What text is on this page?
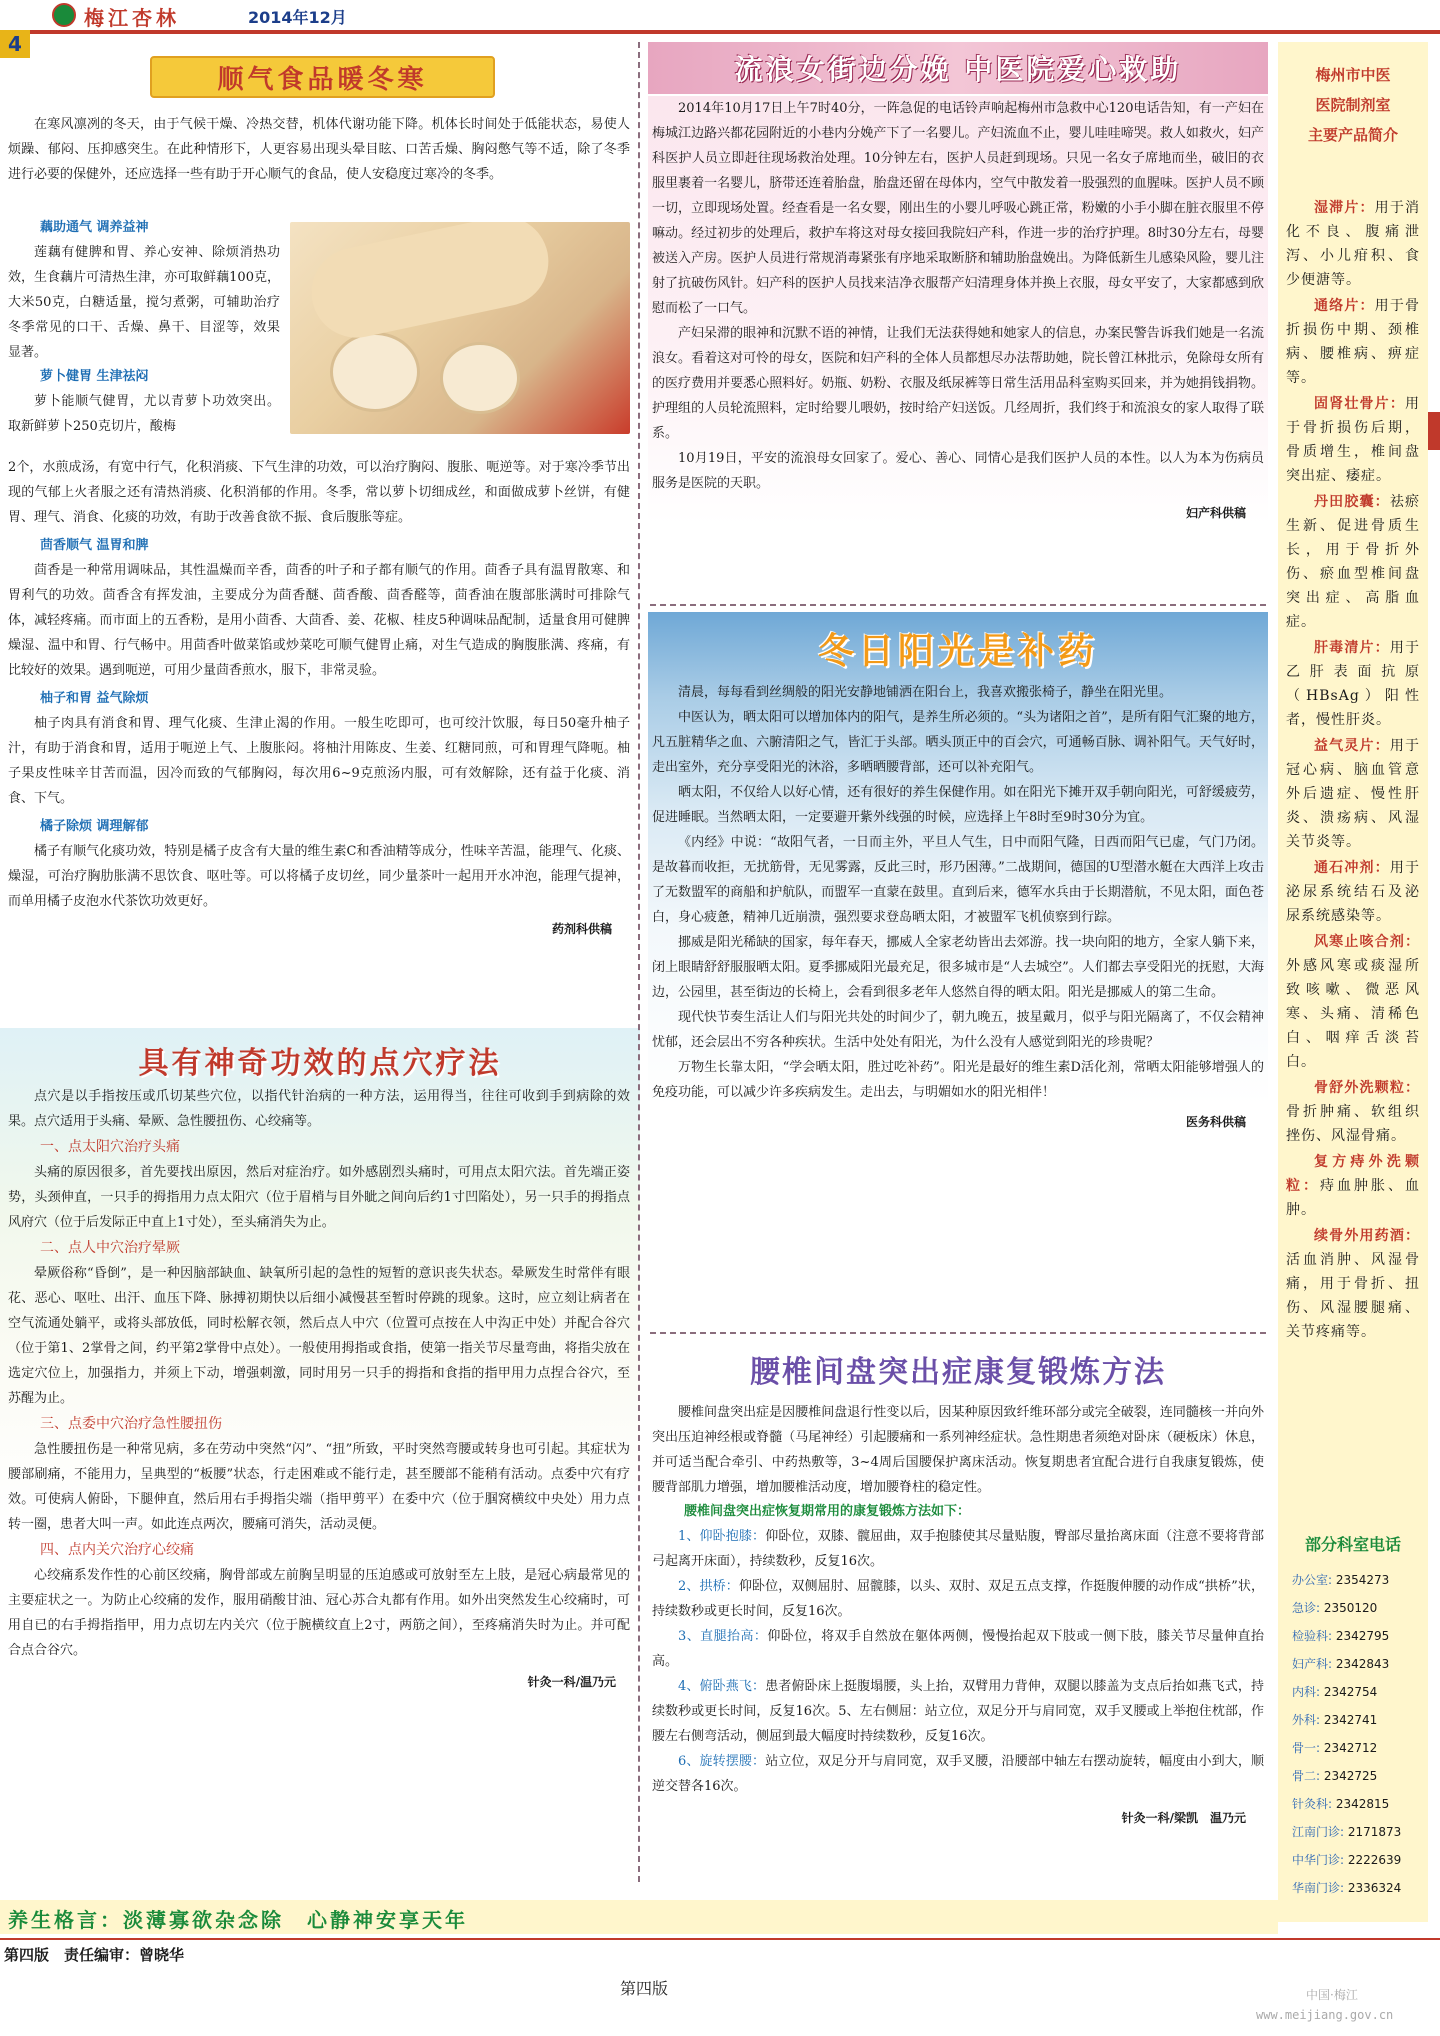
梅江杏林	2014年12月
4
顺气食品暖冬寒

在寒风凛冽的冬天，由于气候干燥、冷热交替，机体代谢功能下降。机体长时间处于低能状态，易使人烦躁、郁闷、压抑感突生。在此种情形下，人更容易出现头晕目眩、口苦舌燥、胸闷憋气等不适，除了冬季进行必要的保健外，还应选择一些有助于开心顺气的食品，使人安稳度过寒冷的冬季。

藕助通气 调养益神

莲藕有健脾和胃、养心安神、除烦消热功效，生食藕片可清热生津，亦可取鲜藕100克，大米50克，白糖适量，搅匀煮粥，可辅助治疗冬季常见的口干、舌燥、鼻干、目涩等，效果显著。

萝卜健胃 生津祛闷

萝卜能顺气健胃，尤以青萝卜功效突出。取新鲜萝卜250克切片，酸梅

2个，水煎成汤，有宽中行气，化积消痰、下气生津的功效，可以治疗胸闷、腹胀、呃逆等。对于寒冷季节出现的气郁上火者服之还有清热消痰、化积消郁的作用。冬季，常以萝卜切细成丝，和面做成萝卜丝饼，有健胃、理气、消食、化痰的功效，有助于改善食欲不振、食后腹胀等症。

茴香顺气 温胃和脾

茴香是一种常用调味品，其性温燥而辛香，茴香的叶子和子都有顺气的作用。茴香子具有温胃散寒、和胃利气的功效。茴香含有挥发油，主要成分为茴香醚、茴香酸、茴香醛等，茴香油在腹部胀满时可排除气体，减轻疼痛。而市面上的五香粉，是用小茴香、大茴香、姜、花椒、桂皮5种调味品配制，适量食用可健脾燥湿、温中和胃、行气畅中。用茴香叶做菜馅或炒菜吃可顺气健胃止痛，对生气造成的胸腹胀满、疼痛，有比较好的效果。遇到呃逆，可用少量茴香煎水，服下，非常灵验。

柚子和胃 益气除烦

柚子肉具有消食和胃、理气化痰、生津止渴的作用。一般生吃即可，也可绞汁饮服，每日50毫升柚子汁，有助于消食和胃，适用于呃逆上气、上腹胀闷。将柚汁用陈皮、生姜、红糖同煎，可和胃理气降呃。柚子果皮性味辛甘苦而温，因冷而致的气郁胸闷，每次用6~9克煎汤内服，可有效解除，还有益于化痰、消食、下气。

橘子除烦 调理解郁

橘子有顺气化痰功效，特别是橘子皮含有大量的维生素C和香油精等成分，性味辛苦温，能理气、化痰、燥湿，可治疗胸肋胀满不思饮食、呕吐等。可以将橘子皮切丝，同少量茶叶一起用开水冲泡，能理气提神，而单用橘子皮泡水代茶饮功效更好。

药剂科供稿
具有神奇功效的点穴疗法

点穴是以手指按压或爪切某些穴位，以指代针治病的一种方法，运用得当，往往可收到手到病除的效果。点穴适用于头痛、晕厥、急性腰扭伤、心绞痛等。

一、点太阳穴治疗头痛

头痛的原因很多，首先要找出原因，然后对症治疗。如外感剧烈头痛时，可用点太阳穴法。首先端正姿势，头颈伸直，一只手的拇指用力点太阳穴（位于眉梢与目外眦之间向后约1寸凹陷处），另一只手的拇指点风府穴（位于后发际正中直上1寸处），至头痛消失为止。

二、点人中穴治疗晕厥

晕厥俗称“昏倒”，是一种因脑部缺血、缺氧所引起的急性的短暂的意识丧失状态。晕厥发生时常伴有眼花、恶心、呕吐、出汗、血压下降、脉搏初期快以后细小减慢甚至暂时停跳的现象。这时，应立刻让病者在空气流通处躺平，或将头部放低，同时松解衣领，然后点人中穴（位置可点按在人中沟正中处）并配合谷穴（位于第1、2掌骨之间，约平第2掌骨中点处）。一般使用拇指或食指，使第一指关节尽量弯曲，将指尖放在选定穴位上，加强指力，并须上下动，增强刺激，同时用另一只手的拇指和食指的指甲用力点捏合谷穴，至苏醒为止。

三、点委中穴治疗急性腰扭伤

急性腰扭伤是一种常见病，多在劳动中突然“闪”、“扭”所致，平时突然弯腰或转身也可引起。其症状为腰部刷痛，不能用力，呈典型的“板腰”状态，行走困难或不能行走，甚至腰部不能稍有活动。点委中穴有疗效。可使病人俯卧，下腿伸直，然后用右手拇指尖端（指甲剪平）在委中穴（位于腘窝横纹中央处）用力点转一圈，患者大叫一声。如此连点两次，腰痛可消失，活动灵便。

四、点内关穴治疗心绞痛

心绞痛系发作性的心前区绞痛，胸骨部或左前胸呈明显的压迫感或可放射至左上肢，是冠心病最常见的主要症状之一。为防止心绞痛的发作，服用硝酸甘油、冠心苏合丸都有作用。如外出突然发生心绞痛时，可用自已的右手拇指指甲，用力点切左内关穴（位于腕横纹直上2寸，两筋之间），至疼痛消失时为止。并可配合点合谷穴。

针灸一科/温乃元
流浪女街边分娩 中医院爱心救助

2014年10月17日上午7时40分，一阵急促的电话铃声响起梅州市急救中心120电话告知，有一产妇在梅城江边路兴都花园附近的小巷内分娩产下了一名婴儿。产妇流血不止，婴儿哇哇啼哭。救人如救火，妇产科医护人员立即赶往现场救治处理。10分钟左右，医护人员赶到现场。只见一名女子席地而坐，破旧的衣服里裹着一名婴儿，脐带还连着胎盘，胎盘还留在母体内，空气中散发着一股强烈的血腥味。医护人员不顾一切，立即现场处置。经查看是一名女婴，刚出生的小婴儿呼吸心跳正常，粉嫩的小手小脚在脏衣服里不停嘛动。经过初步的处理后，救护车将这对母女接回我院妇产科，作进一步的治疗护理。8时30分左右，母婴被送入产房。医护人员进行常规消毒紧张有序地采取断脐和辅助胎盘娩出。为降低新生儿感染风险，婴儿注射了抗破伤风针。妇产科的医护人员找来洁净衣服帮产妇清理身体并换上衣服，母女平安了，大家都感到欣慰而松了一口气。

产妇呆滞的眼神和沉默不语的神情，让我们无法获得她和她家人的信息，办案民警告诉我们她是一名流浪女。看着这对可怜的母女，医院和妇产科的全体人员都想尽办法帮助她，院长曾江林批示，免除母女所有的医疗费用并要悉心照料好。奶瓶、奶粉、衣服及纸尿裤等日常生活用品科室购买回来，并为她捐钱捐物。护理组的人员轮流照料，定时给婴儿喂奶，按时给产妇送饭。几经周折，我们终于和流浪女的家人取得了联系。

10月19日，平安的流浪母女回家了。爱心、善心、同情心是我们医护人员的本性。以人为本为伤病员服务是医院的天职。

妇产科供稿
冬日阳光是补药

清晨，每每看到丝绸般的阳光安静地铺洒在阳台上，我喜欢搬张椅子，静坐在阳光里。

中医认为，晒太阳可以增加体内的阳气，是养生所必须的。“头为诸阳之首”，是所有阳气汇聚的地方，凡五脏精华之血、六腑清阳之气，皆汇于头部。晒头顶正中的百会穴，可通畅百脉、调补阳气。天气好时，走出室外，充分享受阳光的沐浴，多晒晒腰背部，还可以补充阳气。

晒太阳，不仅给人以好心情，还有很好的养生保健作用。如在阳光下摊开双手朝向阳光，可舒缓疲劳，促进睡眠。当然晒太阳，一定要避开紫外线强的时候，应选择上午8时至9时30分为宜。

《内经》中说：“故阳气者，一日而主外，平旦人气生，日中而阳气隆，日西而阳气已虚，气门乃闭。是故暮而收拒，无扰筋骨，无见雾露，反此三时，形乃困薄。”二战期间，德国的U型潜水艇在大西洋上攻击了无数盟军的商船和护航队，而盟军一直蒙在鼓里。直到后来，德军水兵由于长期潜航，不见太阳，面色苍白，身心疲惫，精神几近崩溃，强烈要求登岛晒太阳，才被盟军飞机侦察到行踪。

挪威是阳光稀缺的国家，每年春天，挪威人全家老幼皆出去郊游。找一块向阳的地方，全家人躺下来，闭上眼睛舒舒服服晒太阳。夏季挪威阳光最充足，很多城市是“人去城空”。人们都去享受阳光的抚慰，大海边，公园里，甚至街边的长椅上，会看到很多老年人悠然自得的晒太阳。阳光是挪威人的第二生命。

现代快节奏生活让人们与阳光共处的时间少了，朝九晚五，披星戴月，似乎与阳光隔离了，不仅会精神忧郁，还会层出不穷各种疾状。生活中处处有阳光，为什么没有人感觉到阳光的珍贵呢？

万物生长靠太阳，“学会晒太阳，胜过吃补药”。阳光是最好的维生素D活化剂，常晒太阳能够增强人的免疫功能，可以减少许多疾病发生。走出去，与明媚如水的阳光相伴！

医务科供稿
腰椎间盘突出症康复锻炼方法

腰椎间盘突出症是因腰椎间盘退行性变以后，因某种原因致纤维环部分或完全破裂，连同髓核一并向外突出压迫神经根或脊髓（马尾神经）引起腰痛和一系列神经症状。急性期患者须绝对卧床（硬板床）休息，并可适当配合牵引、中药热敷等，3~4周后国腰保护离床活动。恢复期患者宜配合进行自我康复锻炼，使腰背部肌力增强，增加腰椎活动度，增加腰脊柱的稳定性。

腰椎间盘突出症恢复期常用的康复锻炼方法如下：

1、仰卧抱膝：仰卧位，双膝、髋屈曲，双手抱膝使其尽量贴腹，臀部尽量抬离床面（注意不要将背部弓起离开床面），持续数秒，反复16次。

2、拱桥：仰卧位，双侧屈肘、屈髋膝，以头、双肘、双足五点支撑，作挺腹伸腰的动作成“拱桥”状，持续数秒或更长时间，反复16次。

3、直腿抬高：仰卧位，将双手自然放在躯体两侧，慢慢抬起双下肢或一侧下肢，膝关节尽量伸直抬高。

4、俯卧燕飞：患者俯卧床上挺腹塌腰，头上抬，双臂用力背伸，双腿以膝盖为支点后抬如燕飞式，持续数秒或更长时间，反复16次。5、左右侧屈：站立位，双足分开与肩同宽，双手叉腰或上举抱住枕部，作腰左右侧弯活动，侧屈到最大幅度时持续数秒，反复16次。

6、旋转摆腰：站立位，双足分开与肩同宽，双手叉腰，沿腰部中轴左右摆动旋转，幅度由小到大，顺逆交替各16次。

针灸一科/梁凯　温乃元
梅州市中医
医院制剂室
主要产品简介

湿滞片：用于消化不良、腹痛泄泻、小儿疳积、食少便溏等。

通络片：用于骨折损伤中期、颈椎病、腰椎病、痹症等。

固肾壮骨片：用于骨折损伤后期，骨质增生，椎间盘突出症、痿症。

丹田胶囊：祛瘀生新、促进骨质生长，用于骨折外伤、瘀血型椎间盘突出症、高脂血症。

肝毒清片：用于乙肝表面抗原（HBsAg）阳性者，慢性肝炎。

益气灵片：用于冠心病、脑血管意外后遗症、慢性肝炎、溃疡病、风湿关节炎等。

通石冲剂：用于泌尿系统结石及泌尿系统感染等。

风寒止咳合剂：外感风寒或痰湿所致咳嗽、微恶风寒、头痛、清稀色白、咽痒舌淡苔白。

骨舒外洗颗粒：骨折肿痛、软组织挫伤、风湿骨痛。

复方痔外洗颗粒：痔血肿胀、血肿。

续骨外用药酒：活血消肿、风湿骨痛，用于骨折、扭伤、风湿腰腿痛、关节疼痛等。

部分科室电话
办公室: 2354273
急诊: 2350120
检验科: 2342795
妇产科: 2342843
内科: 2342754
外科: 2342741
骨一: 2342712
骨二: 2342725
针灸科: 2342815
江南门诊: 2171873
中华门诊: 2222639
华南门诊: 2336324
养生格言：淡薄寡欲杂念除　心静神安享天年
第四版　责任编审：曾晓华
第四版	中国·梅江
www.meijiang.gov.cn
